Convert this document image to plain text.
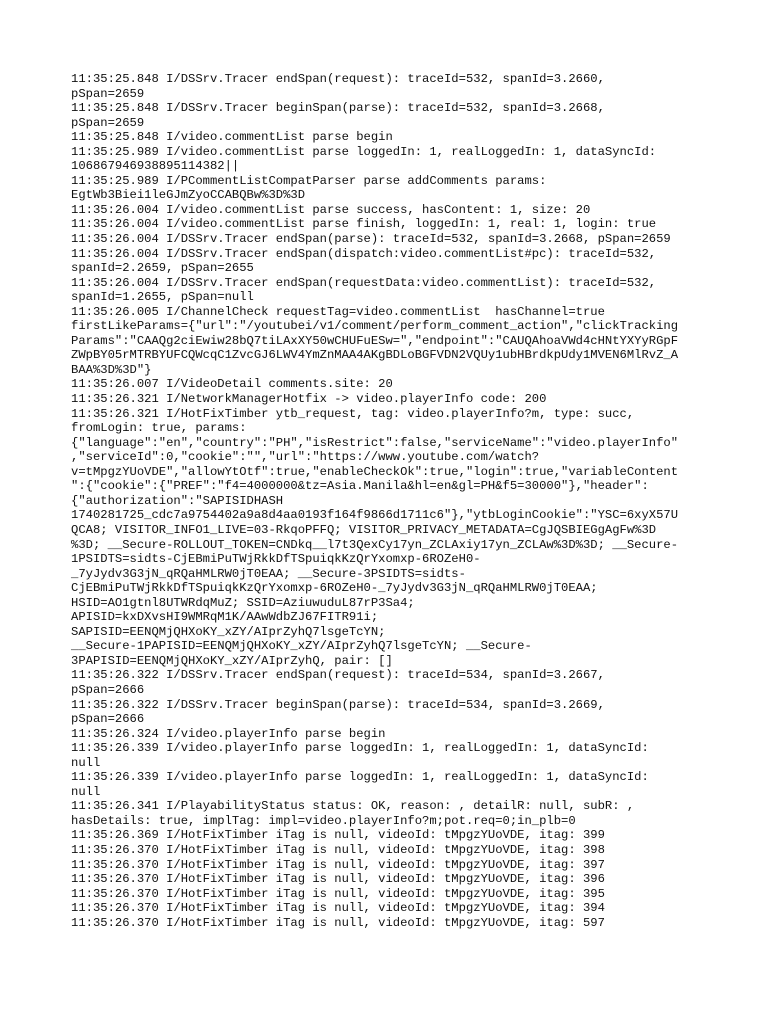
11:35:25.848 I/DSSrv.Tracer endSpan(request): traceId=532, spanId=3.2660,
pSpan=2659
11:35:25.848 I/DSSrv.Tracer beginSpan(parse): traceId=532, spanId=3.2668,
pSpan=2659
11:35:25.848 I/video.commentList parse begin
11:35:25.989 I/video.commentList parse loggedIn: 1, realLoggedIn: 1, dataSyncId:
106867946938895114382||
11:35:25.989 I/PCommentListCompatParser parse addComments params:
EgtWb3Biei1leGJmZyoCCABQBw%3D%3D
11:35:26.004 I/video.commentList parse success, hasContent: 1, size: 20
11:35:26.004 I/video.commentList parse finish, loggedIn: 1, real: 1, login: true
11:35:26.004 I/DSSrv.Tracer endSpan(parse): traceId=532, spanId=3.2668, pSpan=2659
11:35:26.004 I/DSSrv.Tracer endSpan(dispatch:video.commentList#pc): traceId=532,
spanId=2.2659, pSpan=2655
11:35:26.004 I/DSSrv.Tracer endSpan(requestData:video.commentList): traceId=532,
spanId=1.2655, pSpan=null
11:35:26.005 I/ChannelCheck requestTag=video.commentList  hasChannel=true
firstLikeParams={"url":"/youtubei/v1/comment/perform_comment_action","clickTracking
Params":"CAAQg2ciEwiw28bQ7tiLAxXY50wCHUFuESw=","endpoint":"CAUQAhoaVWd4cHNtYXYyRGpF
ZWpBY05rMTRBYUFCQWcqC1ZvcGJ6LWV4YmZnMAA4AKgBDLoBGFVDN2VQUy1ubHBrdkpUdy1MVEN6MlRvZ_A
BAA%3D%3D"}
11:35:26.007 I/VideoDetail comments.site: 20
11:35:26.321 I/NetworkManagerHotfix -> video.playerInfo code: 200
11:35:26.321 I/HotFixTimber ytb_request, tag: video.playerInfo?m, type: succ,
fromLogin: true, params:
{"language":"en","country":"PH","isRestrict":false,"serviceName":"video.playerInfo"
,"serviceId":0,"cookie":"","url":"https://www.youtube.com/watch?
v=tMpgzYUoVDE","allowYtOtf":true,"enableCheckOk":true,"login":true,"variableContent
":{"cookie":{"PREF":"f4=4000000&tz=Asia.Manila&hl=en&gl=PH&f5=30000"},"header":
{"authorization":"SAPISIDHASH
1740281725_cdc7a9754402a9a8d4aa0193f164f9866d1711c6"},"ytbLoginCookie":"YSC=6xyX57U
QCA8; VISITOR_INFO1_LIVE=03-RkqoPFFQ; VISITOR_PRIVACY_METADATA=CgJQSBIEGgAgFw%3D
%3D; __Secure-ROLLOUT_TOKEN=CNDkq__l7t3QexCy17yn_ZCLAxiy17yn_ZCLAw%3D%3D; __Secure-
1PSIDTS=sidts-CjEBmiPuTWjRkkDfTSpuiqkKzQrYxomxp-6ROZeH0-
_7yJydv3G3jN_qRQaHMLRW0jT0EAA; __Secure-3PSIDTS=sidts-
CjEBmiPuTWjRkkDfTSpuiqkKzQrYxomxp-6ROZeH0-_7yJydv3G3jN_qRQaHMLRW0jT0EAA;
HSID=AO1gtnl8UTWRdqMuZ; SSID=AziuwuduL87rP3Sa4;
APISID=kxDXvsHI9WMRqM1K/AAwWdbZJ67FITR91i;
SAPISID=EENQMjQHXoKY_xZY/AIprZyhQ7lsgeTcYN;
__Secure-1PAPISID=EENQMjQHXoKY_xZY/AIprZyhQ7lsgeTcYN; __Secure-
3PAPISID=EENQMjQHXoKY_xZY/AIprZyhQ, pair: []
11:35:26.322 I/DSSrv.Tracer endSpan(request): traceId=534, spanId=3.2667,
pSpan=2666
11:35:26.322 I/DSSrv.Tracer beginSpan(parse): traceId=534, spanId=3.2669,
pSpan=2666
11:35:26.324 I/video.playerInfo parse begin
11:35:26.339 I/video.playerInfo parse loggedIn: 1, realLoggedIn: 1, dataSyncId:
null
11:35:26.339 I/video.playerInfo parse loggedIn: 1, realLoggedIn: 1, dataSyncId:
null
11:35:26.341 I/PlayabilityStatus status: OK, reason: , detailR: null, subR: ,
hasDetails: true, implTag: impl=video.playerInfo?m;pot.req=0;in_plb=0
11:35:26.369 I/HotFixTimber iTag is null, videoId: tMpgzYUoVDE, itag: 399
11:35:26.370 I/HotFixTimber iTag is null, videoId: tMpgzYUoVDE, itag: 398
11:35:26.370 I/HotFixTimber iTag is null, videoId: tMpgzYUoVDE, itag: 397
11:35:26.370 I/HotFixTimber iTag is null, videoId: tMpgzYUoVDE, itag: 396
11:35:26.370 I/HotFixTimber iTag is null, videoId: tMpgzYUoVDE, itag: 395
11:35:26.370 I/HotFixTimber iTag is null, videoId: tMpgzYUoVDE, itag: 394
11:35:26.370 I/HotFixTimber iTag is null, videoId: tMpgzYUoVDE, itag: 597
